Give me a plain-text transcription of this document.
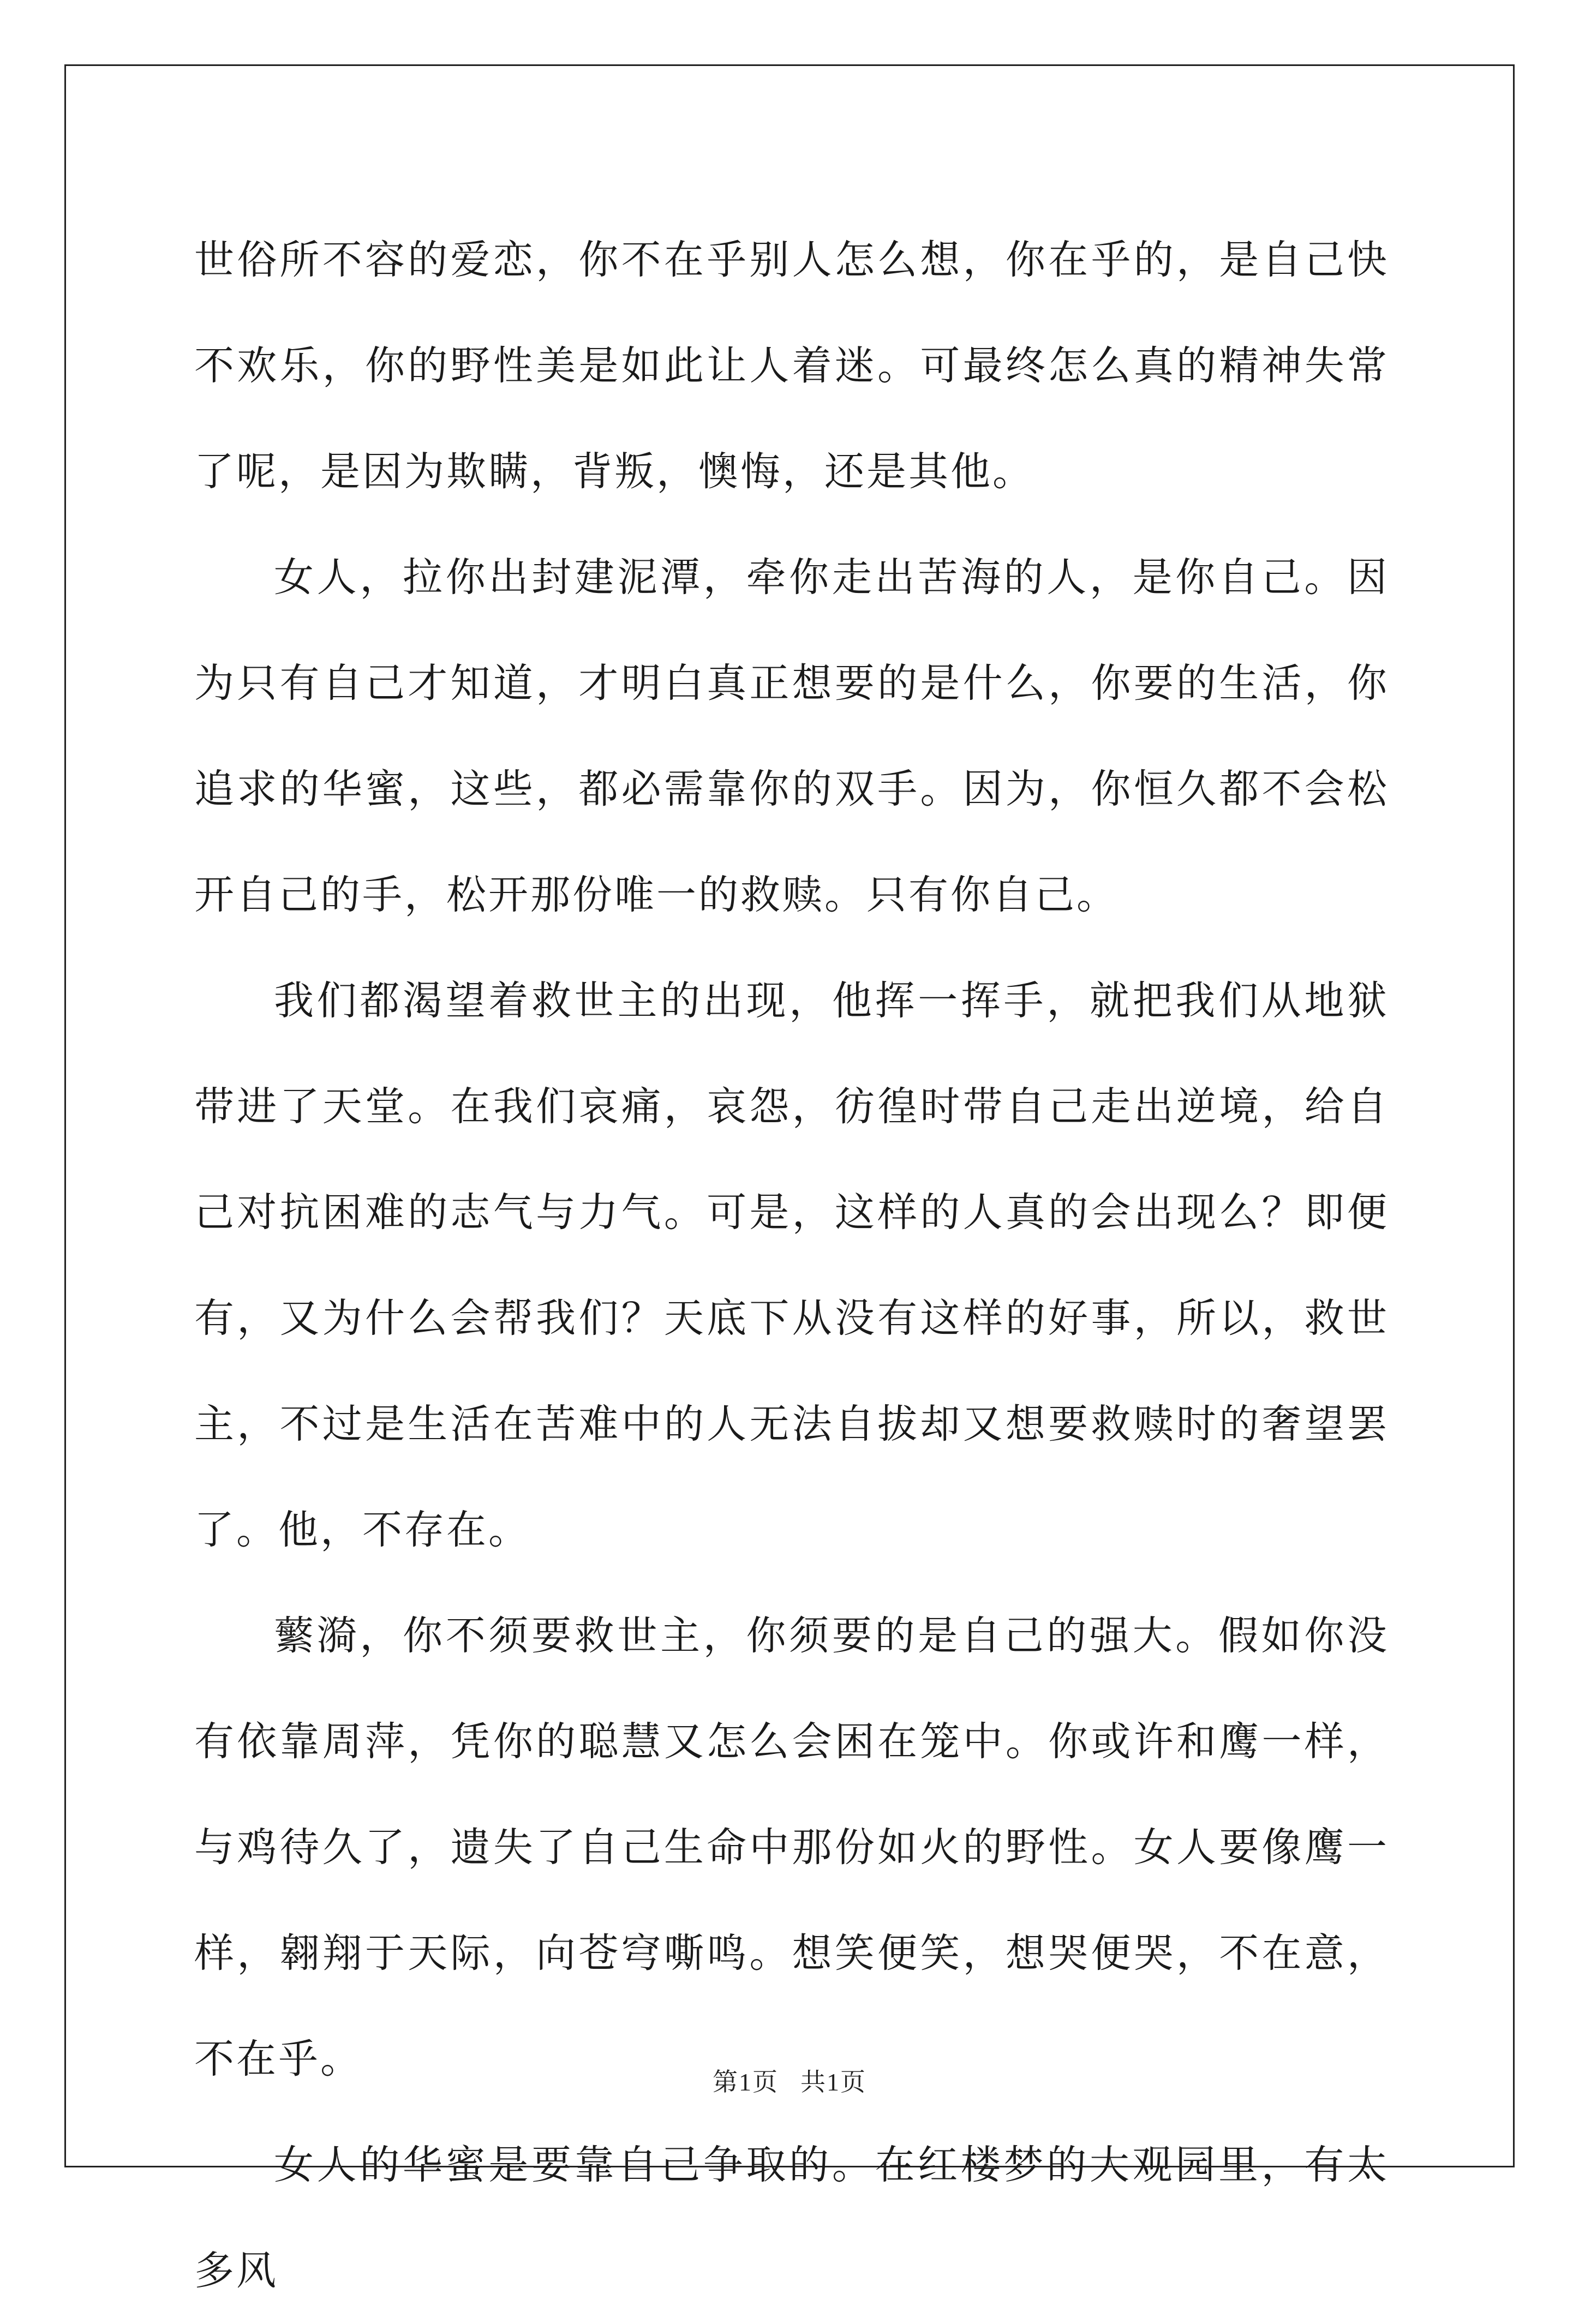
世俗所不容的爱恋，你不在乎别人怎么想，你在乎的，是自己快不欢乐，你的野性美是如此让人着迷。可最终怎么真的精神失常了呢，是因为欺瞒，背叛，懊悔，还是其他。

女人，拉你出封建泥潭，牵你走出苦海的人，是你自己。因为只有自己才知道，才明白真正想要的是什么，你要的生活，你追求的华蜜，这些，都必需靠你的双手。因为，你恒久都不会松开自己的手，松开那份唯一的救赎。只有你自己。

我们都渴望着救世主的出现，他挥一挥手，就把我们从地狱带进了天堂。在我们哀痛，哀怨，彷徨时带自己走出逆境，给自己对抗困难的志气与力气。可是，这样的人真的会出现么？即便有，又为什么会帮我们？天底下从没有这样的好事，所以，救世主，不过是生活在苦难中的人无法自拔却又想要救赎时的奢望罢了。他，不存在。

蘩漪，你不须要救世主，你须要的是自己的强大。假如你没有依靠周萍，凭你的聪慧又怎么会困在笼中。你或许和鹰一样，与鸡待久了，遗失了自己生命中那份如火的野性。女人要像鹰一样，翱翔于天际，向苍穹嘶鸣。想笑便笑，想哭便哭，不在意，不在乎。

女人的华蜜是要靠自己争取的。在红楼梦的大观园里，有太多风

第1页 共1页
